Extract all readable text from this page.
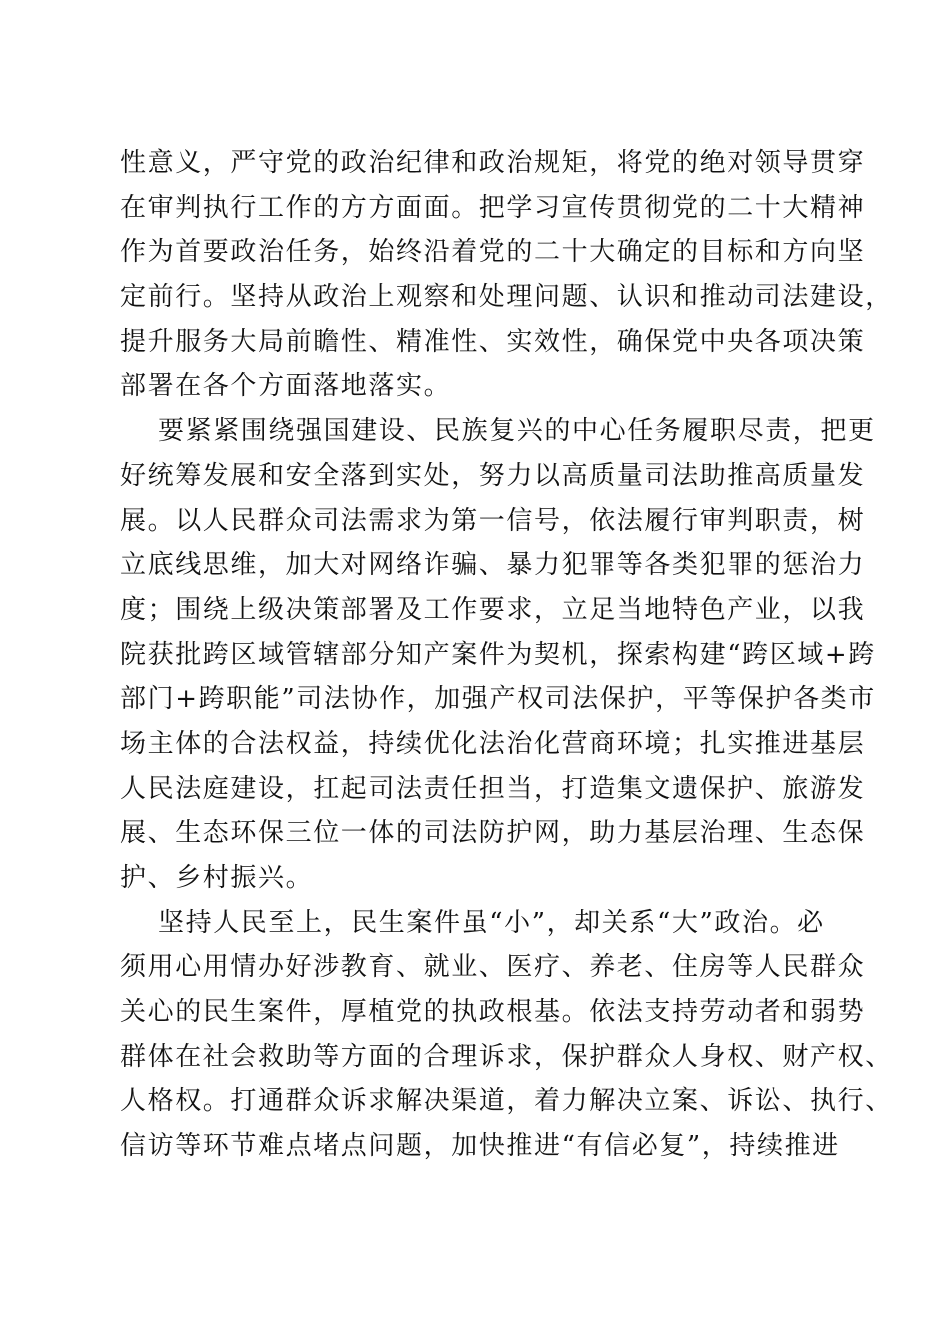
性意义，严守党的政治纪律和政治规矩，将党的绝对领导贯穿
在审判执行工作的方方面面。把学习宣传贯彻党的二十大精神
作为首要政治任务，始终沿着党的二十大确定的目标和方向坚
定前行。坚持从政治上观察和处理问题、认识和推动司法建设，
提升服务大局前瞻性、精准性、实效性，确保党中央各项决策
部署在各个方面落地落实。
要紧紧围绕强国建设、民族复兴的中心任务履职尽责，把更
好统筹发展和安全落到实处，努力以高质量司法助推高质量发
展。以人民群众司法需求为第一信号，依法履行审判职责，树
立底线思维，加大对网络诈骗、暴力犯罪等各类犯罪的惩治力
度；围绕上级决策部署及工作要求，立足当地特色产业，以我
院获批跨区域管辖部分知产案件为契机，探索构建“跨区域+跨
部门+跨职能”司法协作，加强产权司法保护，平等保护各类市
场主体的合法权益，持续优化法治化营商环境；扎实推进基层
人民法庭建设，扛起司法责任担当，打造集文遗保护、旅游发
展、生态环保三位一体的司法防护网，助力基层治理、生态保
护、乡村振兴。
坚持人民至上，民生案件虽“小”，却关系“大”政治。必
须用心用情办好涉教育、就业、医疗、养老、住房等人民群众
关心的民生案件，厚植党的执政根基。依法支持劳动者和弱势
群体在社会救助等方面的合理诉求，保护群众人身权、财产权、
人格权。打通群众诉求解决渠道，着力解决立案、诉讼、执行、
信访等环节难点堵点问题，加快推进“有信必复”，持续推进
